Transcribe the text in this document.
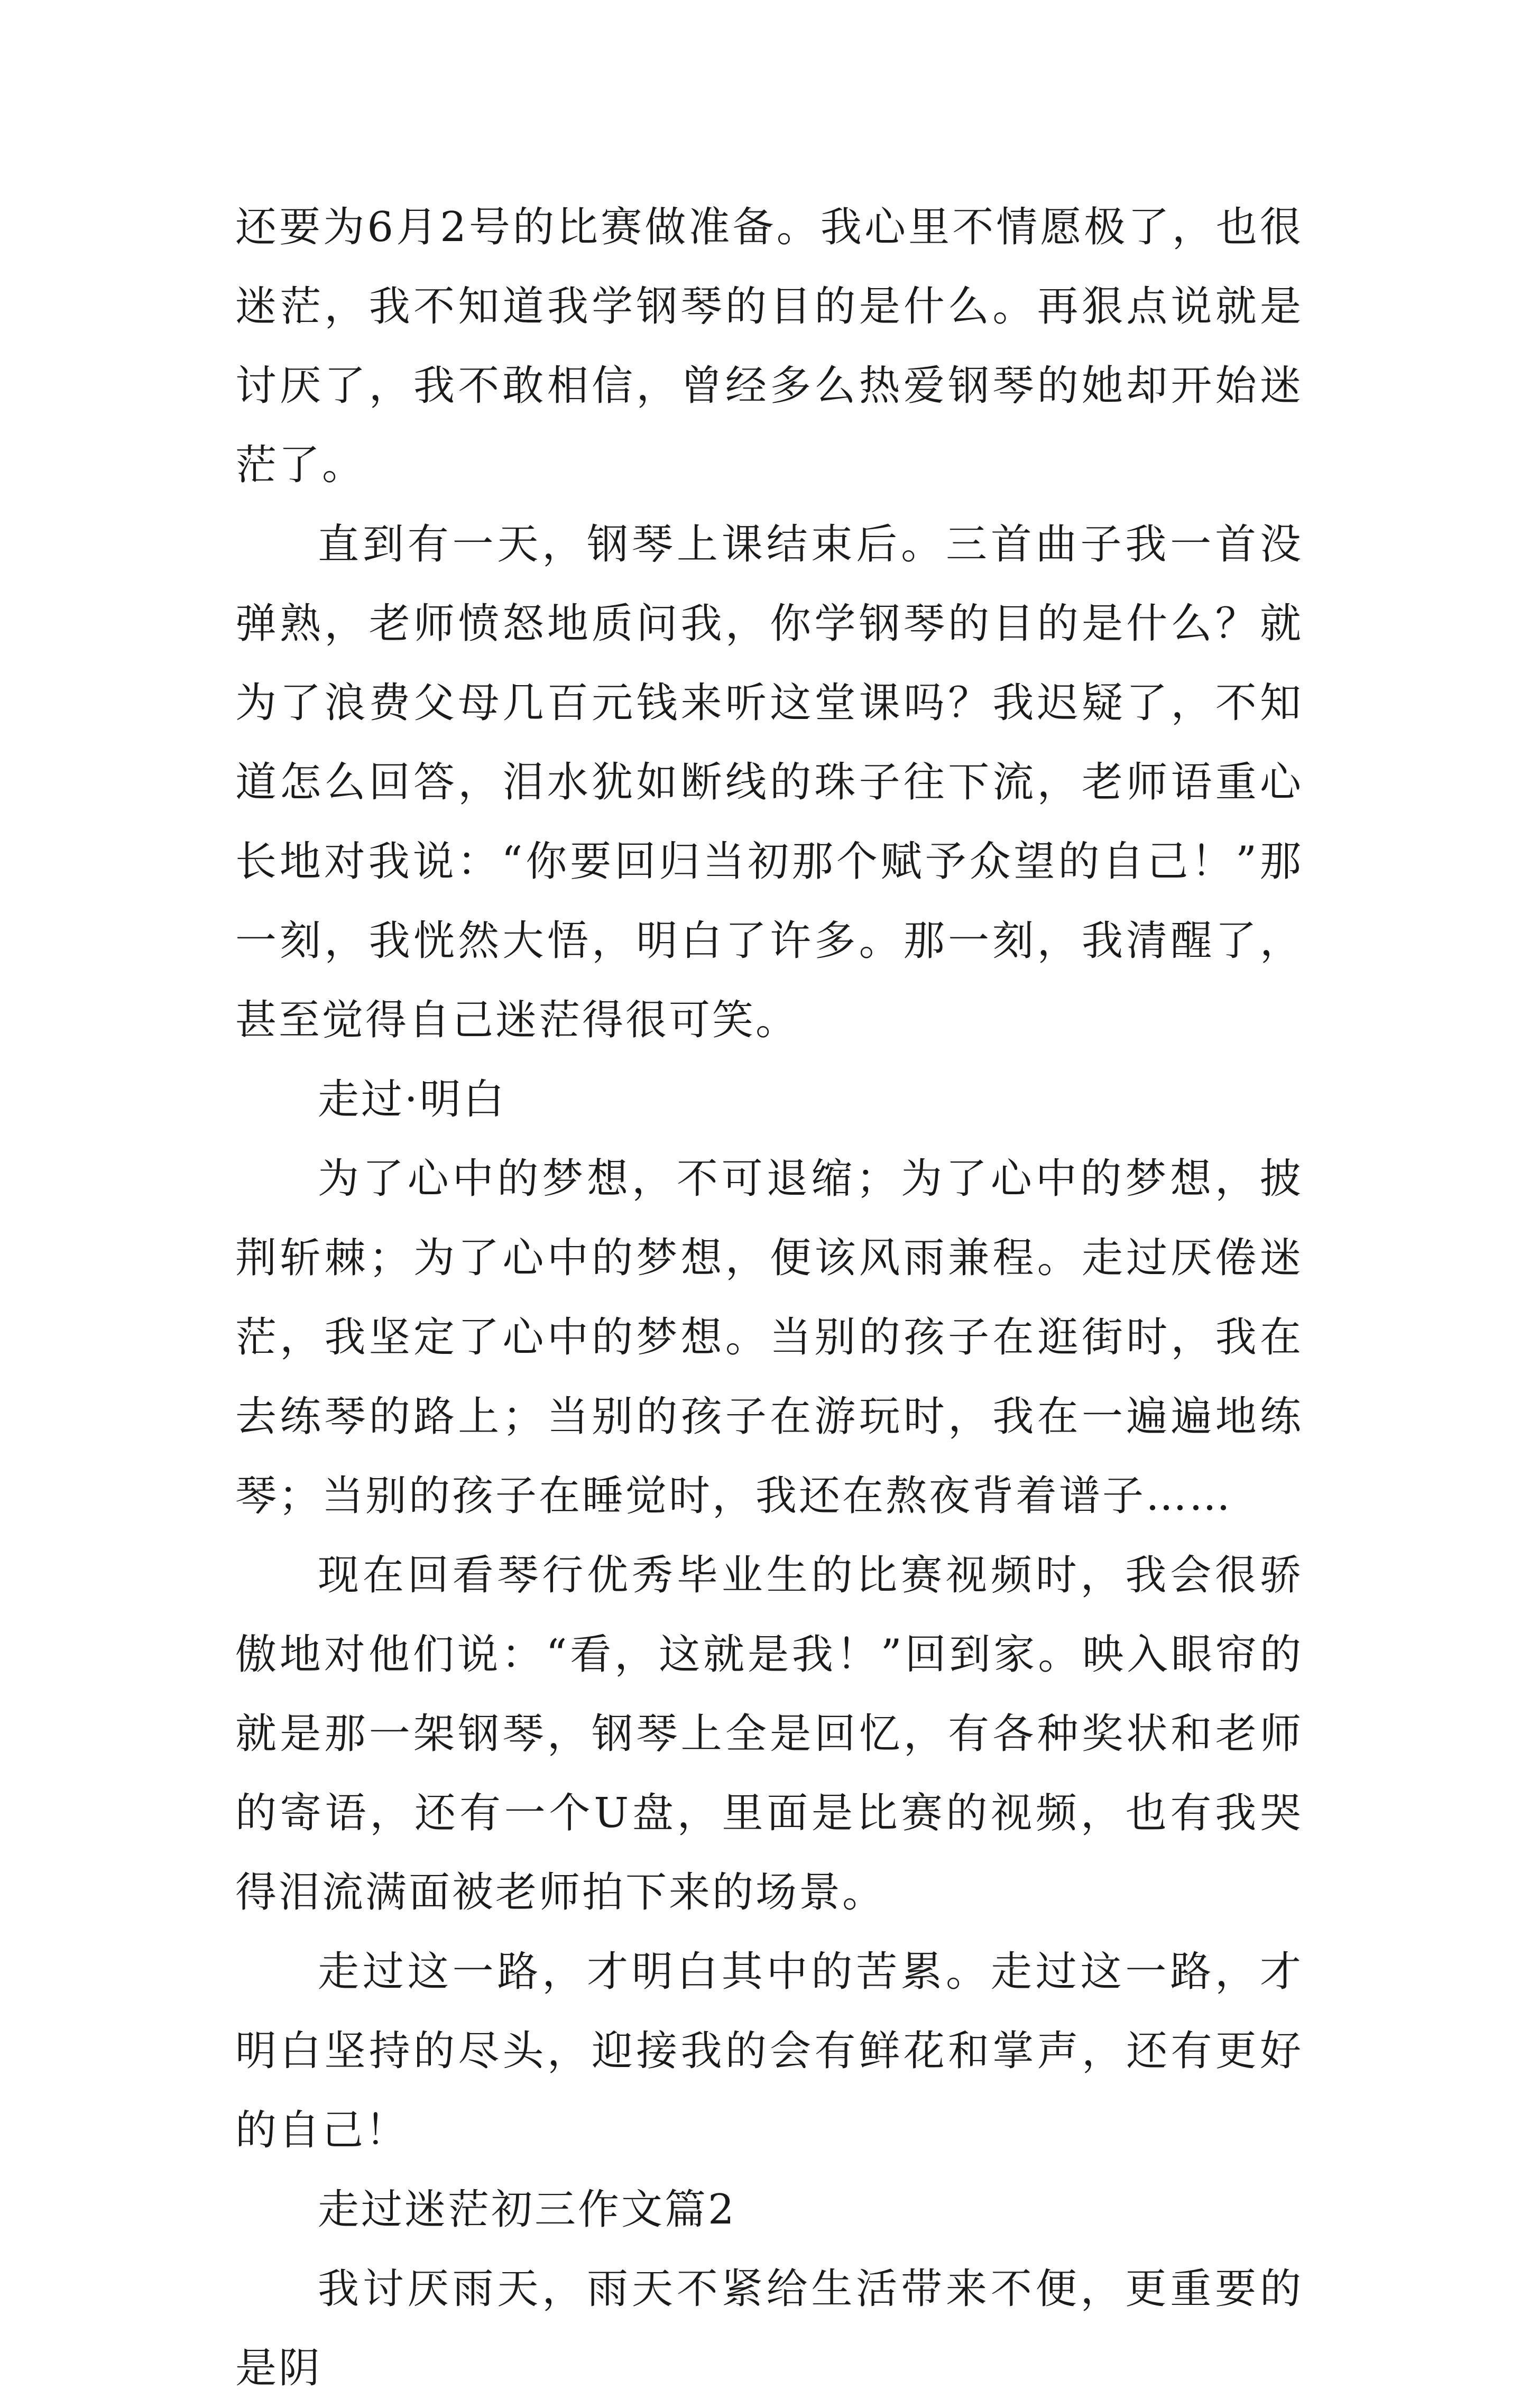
还要为6月2号的比赛做准备。我心里不情愿极了，也很迷茫，我不知道我学钢琴的目的是什么。再狠点说就是讨厌了，我不敢相信，曾经多么热爱钢琴的她却开始迷茫了。

直到有一天，钢琴上课结束后。三首曲子我一首没弹熟，老师愤怒地质问我，你学钢琴的目的是什么？就为了浪费父母几百元钱来听这堂课吗？我迟疑了，不知道怎么回答，泪水犹如断线的珠子往下流，老师语重心长地对我说：“你要回归当初那个赋予众望的自己！”那一刻，我恍然大悟，明白了许多。那一刻，我清醒了，甚至觉得自己迷茫得很可笑。

走过·明白

为了心中的梦想，不可退缩；为了心中的梦想，披荆斩棘；为了心中的梦想，便该风雨兼程。走过厌倦迷茫，我坚定了心中的梦想。当别的孩子在逛街时，我在去练琴的路上；当别的孩子在游玩时，我在一遍遍地练琴；当别的孩子在睡觉时，我还在熬夜背着谱子……

现在回看琴行优秀毕业生的比赛视频时，我会很骄傲地对他们说：“看，这就是我！”回到家。映入眼帘的就是那一架钢琴，钢琴上全是回忆，有各种奖状和老师的寄语，还有一个U盘，里面是比赛的视频，也有我哭得泪流满面被老师拍下来的场景。

走过这一路，才明白其中的苦累。走过这一路，才明白坚持的尽头，迎接我的会有鲜花和掌声，还有更好的自己！

走过迷茫初三作文篇2

我讨厌雨天，雨天不紧给生活带来不便，更重要的是阴
